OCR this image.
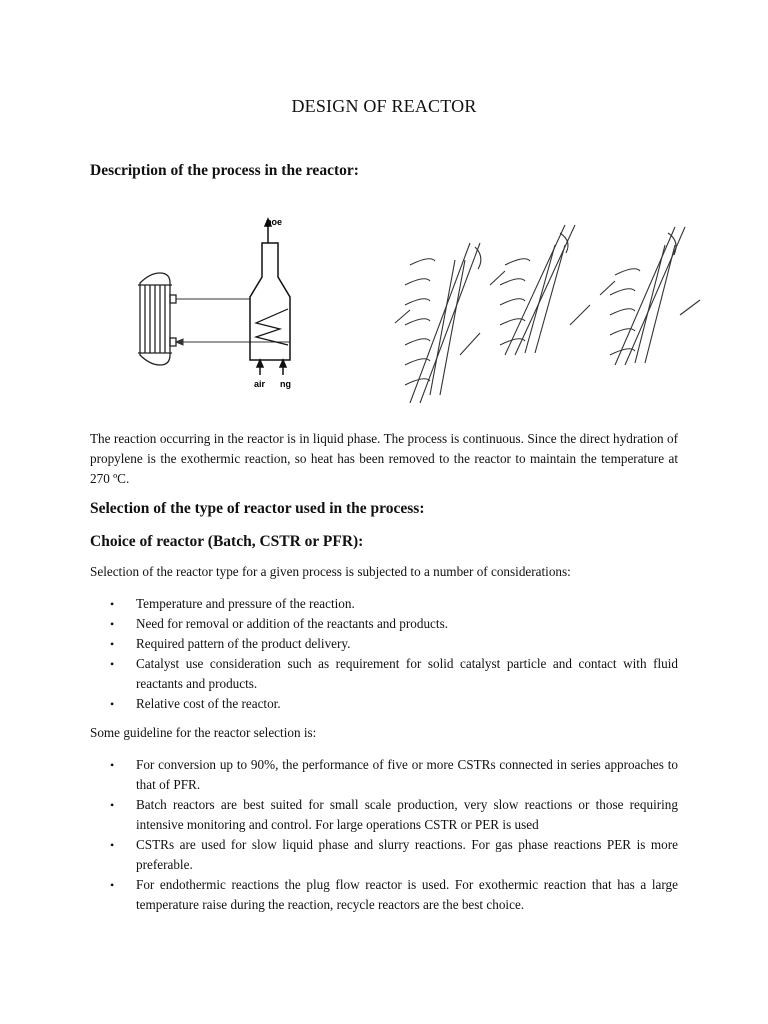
DESIGN OF REACTOR
Description of the process in the reactor:
poe
air ng
The reaction occurring in the reactor is in liquid phase. The process is continuous. Since the direct hydration of propylene is the exothermic reaction, so heat has been removed to the reactor to maintain the temperature at 270 ºC.
Selection of the type of reactor used in the process:
Choice of reactor (Batch, CSTR or PFR):
Selection of the reactor type for a given process is subjected to a number of considerations:
• Temperature and pressure of the reaction.
• Need for removal or addition of the reactants and products.
• Required pattern of the product delivery.
• Catalyst use consideration such as requirement for solid catalyst particle and contact with fluid reactants and products.
• Relative cost of the reactor.
Some guideline for the reactor selection is:
• For conversion up to 90%, the performance of five or more CSTRs connected in series approaches to that of PFR.
• Batch reactors are best suited for small scale production, very slow reactions or those requiring intensive monitoring and control. For large operations CSTR or PER is used
• CSTRs are used for slow liquid phase and slurry reactions. For gas phase reactions PER is more preferable.
• For endothermic reactions the plug flow reactor is used. For exothermic reaction that has a large temperature raise during the reaction, recycle reactors are the best choice.
